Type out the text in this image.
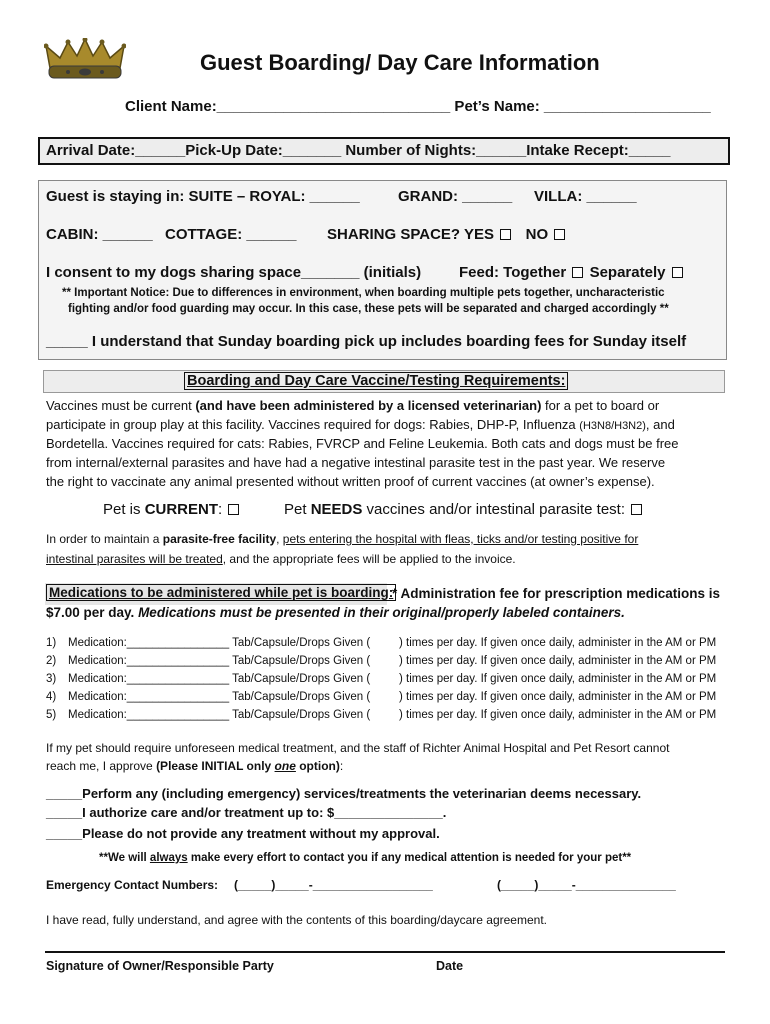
Guest Boarding/ Day Care Information
Client Name:____________________________ Pet’s Name: ____________________
Arrival Date:______Pick-Up Date:_______ Number of Nights:______Intake Recept:_____
Guest is staying in: SUITE – ROYAL: ______	GRAND: ______ VILLA: ______
CABIN: ______ COTTAGE: ______ SHARING SPACE? YES NO
I consent to my dogs sharing space_______ (initials)	Feed: Together Separately
** Important Notice: Due to differences in environment, when boarding multiple pets together, uncharacteristic
fighting and/or food guarding may occur. In this case, these pets will be separated and charged accordingly **
_____ I understand that Sunday boarding pick up includes boarding fees for Sunday itself
Boarding and Day Care Vaccine/Testing Requirements:
Vaccines must be current (and have been administered by a licensed veterinarian) for a pet to board or
participate in group play at this facility. Vaccines required for dogs: Rabies, DHP-P, Influenza (H3N8/H3N2), and
Bordetella. Vaccines required for cats: Rabies, FVRCP and Feline Leukemia. Both cats and dogs must be free
from internal/external parasites and have had a negative intestinal parasite test in the past year. We reserve
the right to vaccinate any animal presented without written proof of current vaccines (at owner’s expense).
Pet is CURRENT:	Pet NEEDS vaccines and/or intestinal parasite test:
In order to maintain a parasite-free facility, pets entering the hospital with fleas, ticks and/or testing positive for
intestinal parasites will be treated, and the appropriate fees will be applied to the invoice.
Medications to be administered while pet is boarding:
* Administration fee for prescription medications is
$7.00 per day. Medications must be presented in their original/properly labeled containers.
1) Medication:________________ Tab/Capsule/Drops Given (	) times per day. If given once daily, administer in the AM or PM
2) Medication:________________ Tab/Capsule/Drops Given (	) times per day. If given once daily, administer in the AM or PM
3) Medication:________________ Tab/Capsule/Drops Given (	) times per day. If given once daily, administer in the AM or PM
4) Medication:________________ Tab/Capsule/Drops Given (	) times per day. If given once daily, administer in the AM or PM
5) Medication:________________ Tab/Capsule/Drops Given (	) times per day. If given once daily, administer in the AM or PM
If my pet should require unforeseen medical treatment, and the staff of Richter Animal Hospital and Pet Resort cannot
reach me, I approve (Please INITIAL only one option):
_____Perform any (including emergency) services/treatments the veterinarian deems necessary.
_____I authorize care and/or treatment up to: $_______________.
_____Please do not provide any treatment without my approval.
**We will always make every effort to contact you if any medical attention is needed for your pet**
Emergency Contact Numbers: (_____)_____-__________________	(_____)_____-_______________
I have read, fully understand, and agree with the contents of this boarding/daycare agreement.
Signature of Owner/Responsible Party	Date
